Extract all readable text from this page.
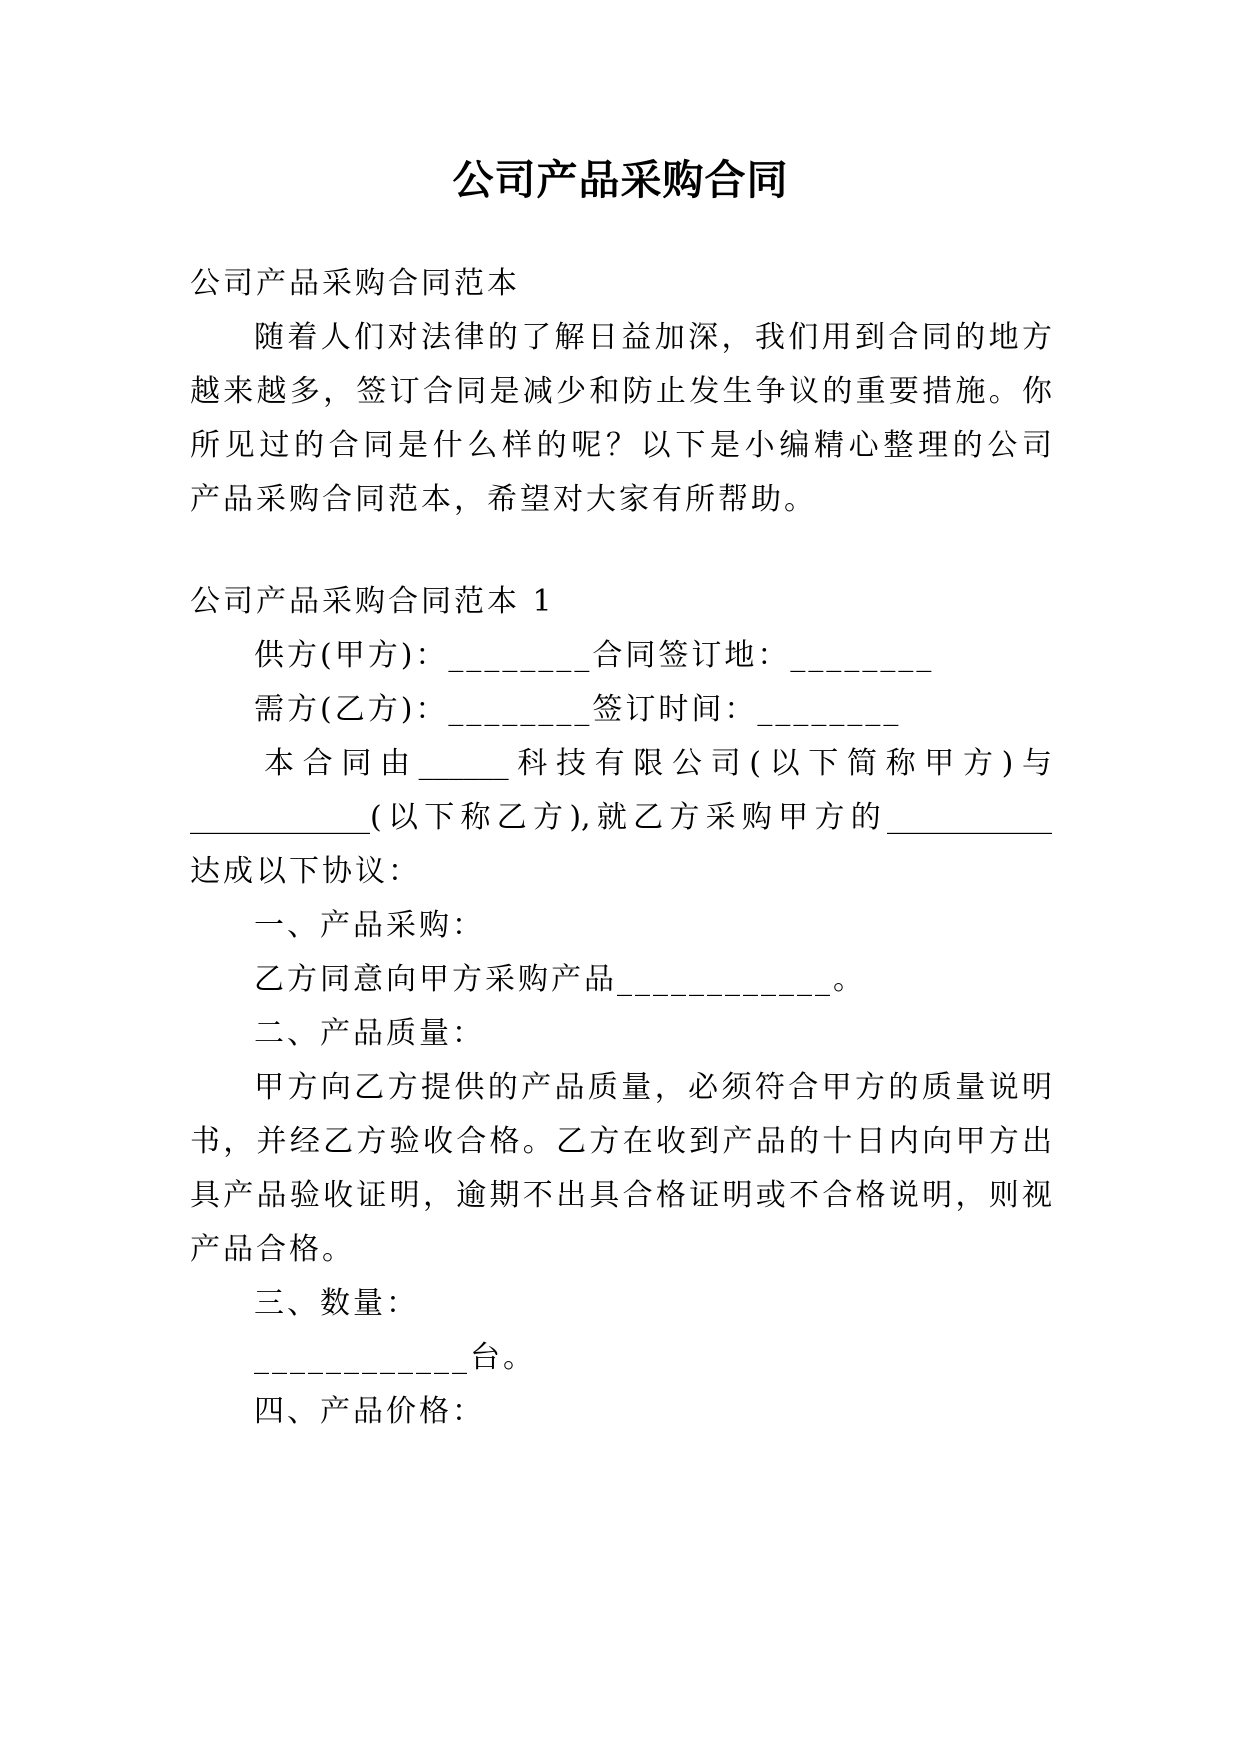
公司产品采购合同
公司产品采购合同范本
随着人们对法律的了解日益加深，我们用到合同的地方
越来越多，签订合同是减少和防止发生争议的重要措施。你
所见过的合同是什么样的呢？以下是小编精心整理的公司
产品采购合同范本，希望对大家有所帮助。
公司产品采购合同范本 1
供方(甲方)：________合同签订地：________
需方(乙方)：________签订时间：________
本合同由______科技有限公司(以下简称甲方)与
____________(以下称乙方),就乙方采购甲方的___________
达成以下协议：
一、产品采购：
乙方同意向甲方采购产品____________。
二、产品质量：
甲方向乙方提供的产品质量，必须符合甲方的质量说明
书，并经乙方验收合格。乙方在收到产品的十日内向甲方出
具产品验收证明，逾期不出具合格证明或不合格说明，则视
产品合格。
三、数量：
____________台。
四、产品价格：
